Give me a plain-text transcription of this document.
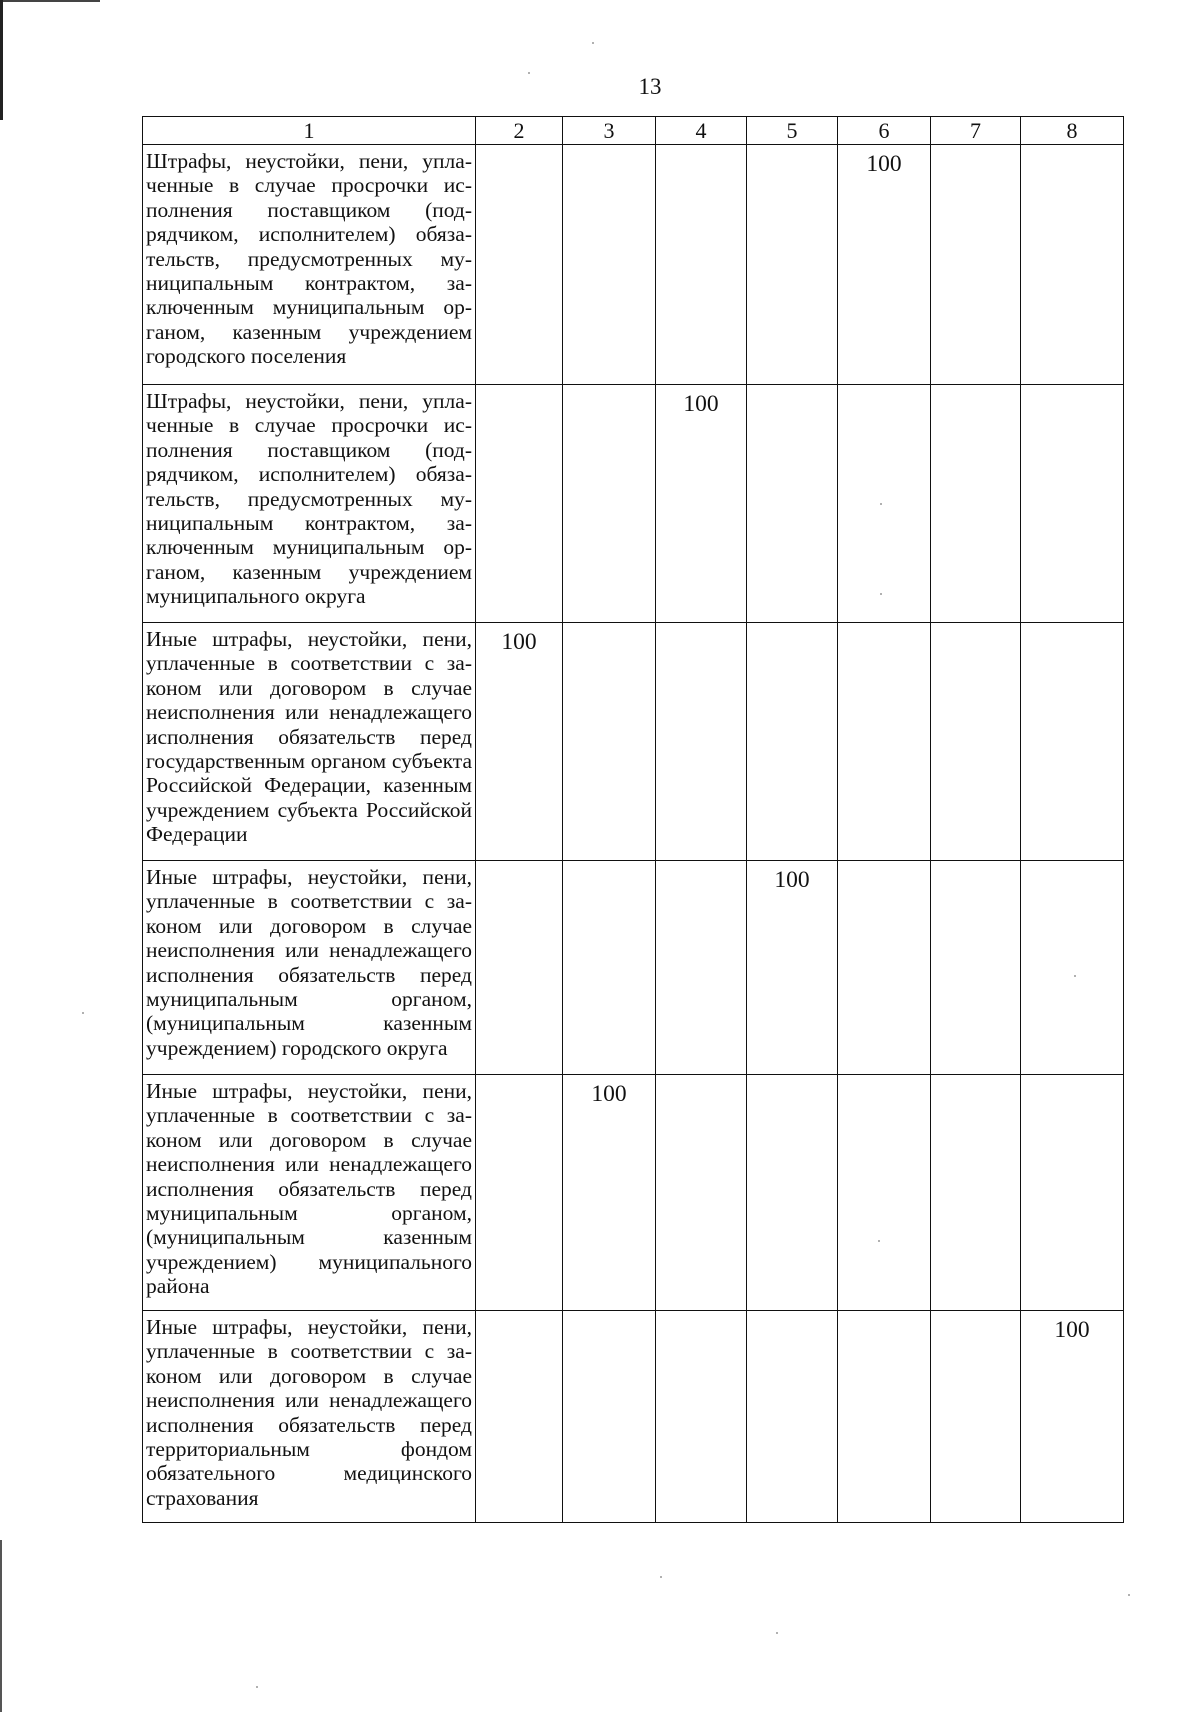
13
1	2	3	4	5	6	7	8
Штрафы, неустойки, пени, уплаченные в случае просрочки исполнения поставщиком (подрядчиком, исполнителем) обязательств, предусмотренных муниципальным контрактом, заключенным муниципальным органом, казенным учреждением городского поселения					100		
Штрафы, неустойки, пени, уплаченные в случае просрочки исполнения поставщиком (подрядчиком, исполнителем) обязательств, предусмотренных муниципальным контрактом, заключенным муниципальным органом, казенным учреждением муниципального округа			100				
Иные штрафы, неустойки, пени, уплаченные в соответствии с законом или договором в случае неисполнения или ненадлежащего исполнения обязательств перед государственным органом субъекта Российской Федерации, казенным учреждением субъекта Российской Федерации	100						
Иные штрафы, неустойки, пени, уплаченные в соответствии с законом или договором в случае неисполнения или ненадлежащего исполнения обязательств перед муниципальным органом, (муниципальным казенным учреждением) городского округа				100			
Иные штрафы, неустойки, пени, уплаченные в соответствии с законом или договором в случае неисполнения или ненадлежащего исполнения обязательств перед муниципальным органом, (муниципальным казенным учреждением) муниципального района		100					
Иные штрафы, неустойки, пени, уплаченные в соответствии с законом или договором в случае неисполнения или ненадлежащего исполнения обязательств перед территориальным фондом обязательного медицинского страхования							100
